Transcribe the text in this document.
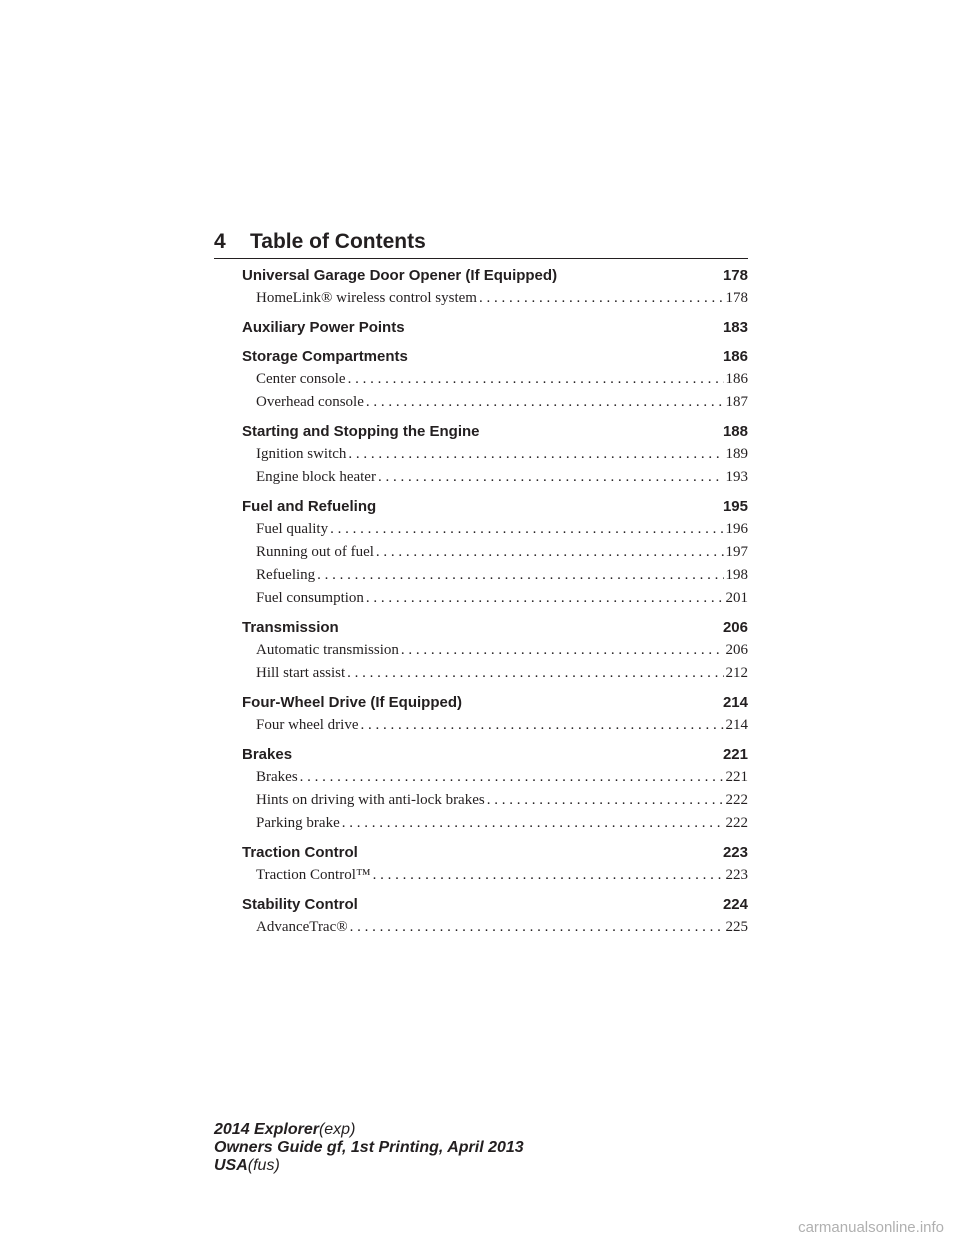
4 Table of Contents
Universal Garage Door Opener (If Equipped)	178
HomeLink® wireless control system . . .	178
Auxiliary Power Points	183
Storage Compartments	186
Center console . . .	186
Overhead console . . .	187
Starting and Stopping the Engine	188
Ignition switch . . .	189
Engine block heater . . .	193
Fuel and Refueling	195
Fuel quality . . .	196
Running out of fuel . . .	197
Refueling . . .	198
Fuel consumption . . .	201
Transmission	206
Automatic transmission . . .	206
Hill start assist . . .	212
Four-Wheel Drive (If Equipped)	214
Four wheel drive . . .	214
Brakes	221
Brakes . . .	221
Hints on driving with anti-lock brakes . . .	222
Parking brake . . .	222
Traction Control	223
Traction Control™ . . .	223
Stability Control	224
AdvanceTrac® . . .	225
2014 Explorer(exp)
Owners Guide gf, 1st Printing, April 2013
USA(fus)
carmanualsonline.info
